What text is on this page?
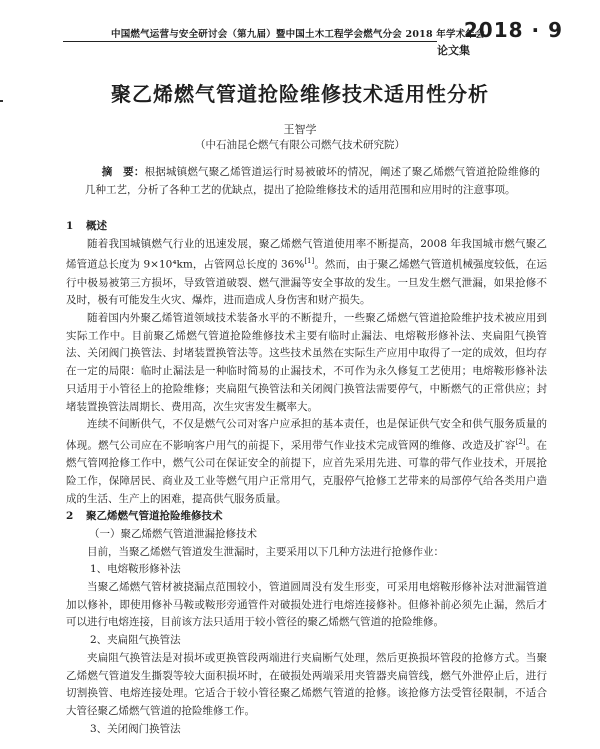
中国燃气运营与安全研讨会（第九届）暨中国土木工程学会燃气分会 2018 年学术年会
2018 · 9
论文集
聚乙烯燃气管道抢险维修技术适用性分析
王智学
（中石油昆仑燃气有限公司燃气技术研究院）
摘　要：根据城镇燃气聚乙烯管道运行时易被破坏的情况，阐述了聚乙烯燃气管道抢险维修的几种工艺，分析了各种工艺的优缺点，提出了抢险维修技术的适用范围和应用时的注意事项。
1 概述

随着我国城镇燃气行业的迅速发展，聚乙烯燃气管道使用率不断提高，2008 年我国城市燃气聚乙烯管道总长度为 9×10⁴km，占管网总长度的 36%[1]。然而，由于聚乙烯燃气管道机械强度较低，在运行中极易被第三方损坏，导致管道破裂、燃气泄漏等安全事故的发生。一旦发生燃气泄漏，如果抢修不及时，极有可能发生火灾、爆炸，进而造成人身伤害和财产损失。

随着国内外聚乙烯管道领域技术装备水平的不断提升，一些聚乙烯燃气管道抢险维护技术被应用到实际工作中。目前聚乙烯燃气管道抢险维修技术主要有临时止漏法、电熔鞍形修补法、夹扁阻气换管法、关闭阀门换管法、封堵装置换管法等。这些技术虽然在实际生产应用中取得了一定的成效，但均存在一定的局限：临时止漏法是一种临时简易的止漏技术，不可作为永久修复工艺使用；电熔鞍形修补法只适用于小管径上的抢险维修；夹扁阻气换管法和关闭阀门换管法需要停气，中断燃气的正常供应；封堵装置换管法周期长、费用高，次生灾害发生概率大。

连续不间断供气，不仅是燃气公司对客户应承担的基本责任，也是保证供气安全和供气服务质量的体现。燃气公司应在不影响客户用气的前提下，采用带气作业技术完成管网的维修、改造及扩容[2]。在燃气管网抢修工作中，燃气公司在保证安全的前提下，应首先采用先进、可靠的带气作业技术，开展抢险工作，保障居民、商业及工业等燃气用户正常用气，克服停气抢修工艺带来的局部停气给各类用户造成的生活、生产上的困难，提高供气服务质量。

2 聚乙烯燃气管道抢险维修技术
（一）聚乙烯燃气管道泄漏抢修技术

目前，当聚乙烯燃气管道发生泄漏时，主要采用以下几种方法进行抢修作业：

1、电熔鞍形修补法

当聚乙烯燃气管材被挠漏点范围较小，管道圆周没有发生形变，可采用电熔鞍形修补法对泄漏管道加以修补，即使用修补马鞍或鞍形旁通管件对破损处进行电熔连接修补。但修补前必须先止漏，然后才可以进行电熔连接，目前该方法只适用于较小管径的聚乙烯燃气管道的抢险维修。

2、夹扁阻气换管法

夹扁阻气换管法是对损坏或更换管段两端进行夹扁断气处理，然后更换损坏管段的抢修方式。当聚乙烯燃气管道发生撕裂等较大面积损坏时，在破损处两端采用夹管器夹扁管线，燃气外泄停止后，进行切割换管、电熔连接处理。它适合于较小管径聚乙烯燃气管道的抢修。该抢修方法受管径限制，不适合大管径聚乙烯燃气管道的抢险维修工作。

3、关闭阀门换管法
